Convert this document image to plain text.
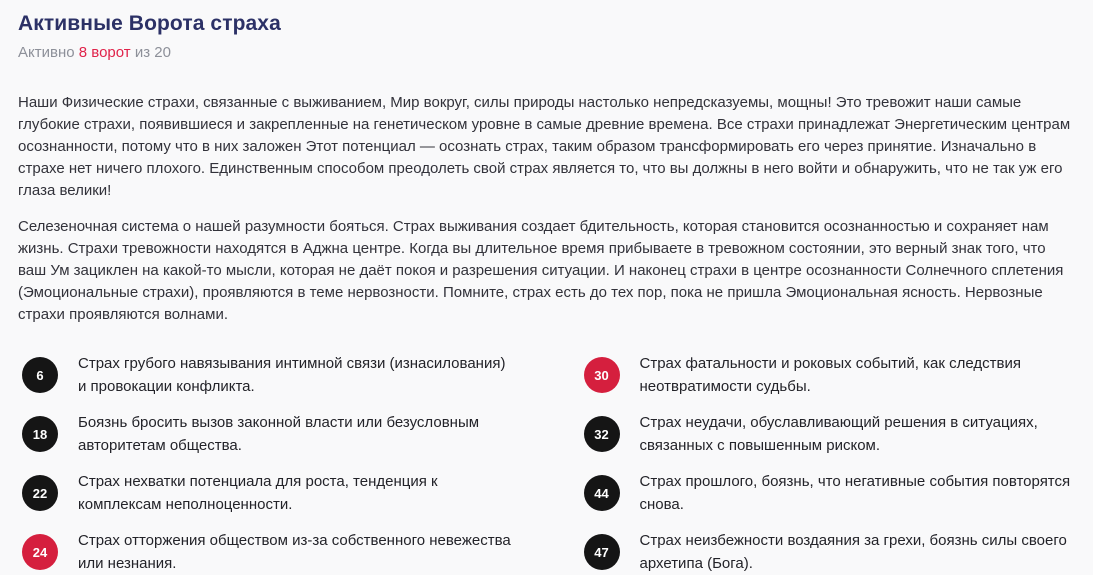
Активные Ворота страха
Активно 8 ворот из 20

Наши Физические страхи, связанные с выживанием, Мир вокруг, силы природы настолько непредсказуемы, мощны! Это тревожит наши самые глубокие страхи, появившиеся и закрепленные на генетическом уровне в самые древние времена. Все страхи принадлежат Энергетическим центрам осознанности, потому что в них заложен Этот потенциал — осознать страх, таким образом трансформировать его через принятие. Изначально в страхе нет ничего плохого. Единственным способом преодолеть свой страх является то, что вы должны в него войти и обнаружить, что не так уж его глаза велики!

Селезеночная система о нашей разумности бояться. Страх выживания создает бдительность, которая становится осознанностью и сохраняет нам жизнь. Страхи тревожности находятся в Аджна центре. Когда вы длительное время прибываете в тревожном состоянии, это верный знак того, что ваш Ум зациклен на какой-то мысли, которая не даёт покоя и разрешения ситуации. И наконец страхи в центре осознанности Солнечного сплетения (Эмоциональные страхи), проявляются в теме нервозности. Помните, страх есть до тех пор, пока не пришла Эмоциональная ясность. Нервозные страхи проявляются волнами.

6
Страх грубого навязывания интимной связи (изнасилования) и провокации конфликта.
18
Боязнь бросить вызов законной власти или безусловным авторитетам общества.
22
Страх нехватки потенциала для роста, тенденция к комплексам неполноценности.
24
Страх отторжения обществом из-за собственного невежества или незнания.
30
Страх фатальности и роковых событий, как следствия неотвратимости судьбы.
32
Страх неудачи, обуславливающий решения в ситуациях, связанных с повышенным риском.
44
Страх прошлого, боязнь, что негативные события повторятся снова.
47
Страх неизбежности воздаяния за грехи, боязнь силы своего архетипа (Бога).
